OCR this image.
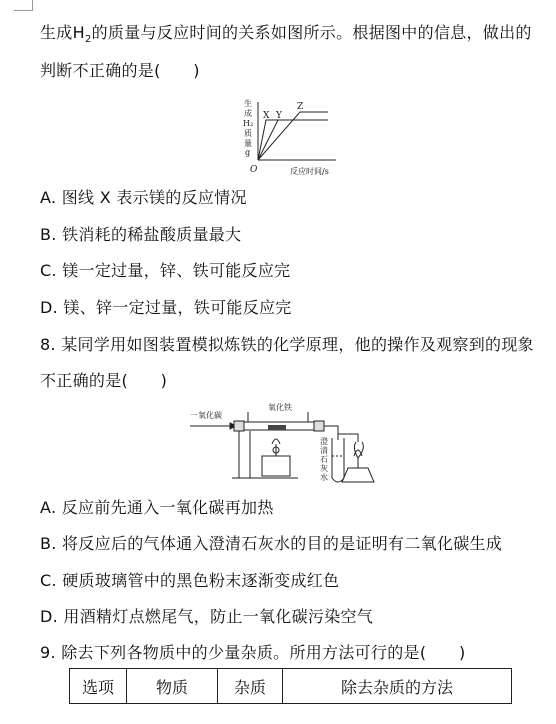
生成$H_2$的质量与反应时间的关系如图所示。根据图中的信息，做出的
判断不正确的是(　　)
生
成
H₂
质
量
g
X Y
Z
O	反应时间/s
A. 图线 X 表示镁的反应情况
B. 铁消耗的稀盐酸质量最大
C. 镁一定过量，锌、铁可能反应完
D. 镁、锌一定过量，铁可能反应完
8. 某同学用如图装置模拟炼铁的化学原理，他的操作及观察到的现象
不正确的是(　　)
一氧化碳
氧化铁
澄
清
石
灰
水
A. 反应前先通入一氧化碳再加热
B. 将反应后的气体通入澄清石灰水的目的是证明有二氧化碳生成
C. 硬质玻璃管中的黑色粉末逐渐变成红色
D. 用酒精灯点燃尾气，防止一氧化碳污染空气
9. 除去下列各物质中的少量杂质。所用方法可行的是(　　)
选项	物质	杂质	除去杂质的方法
